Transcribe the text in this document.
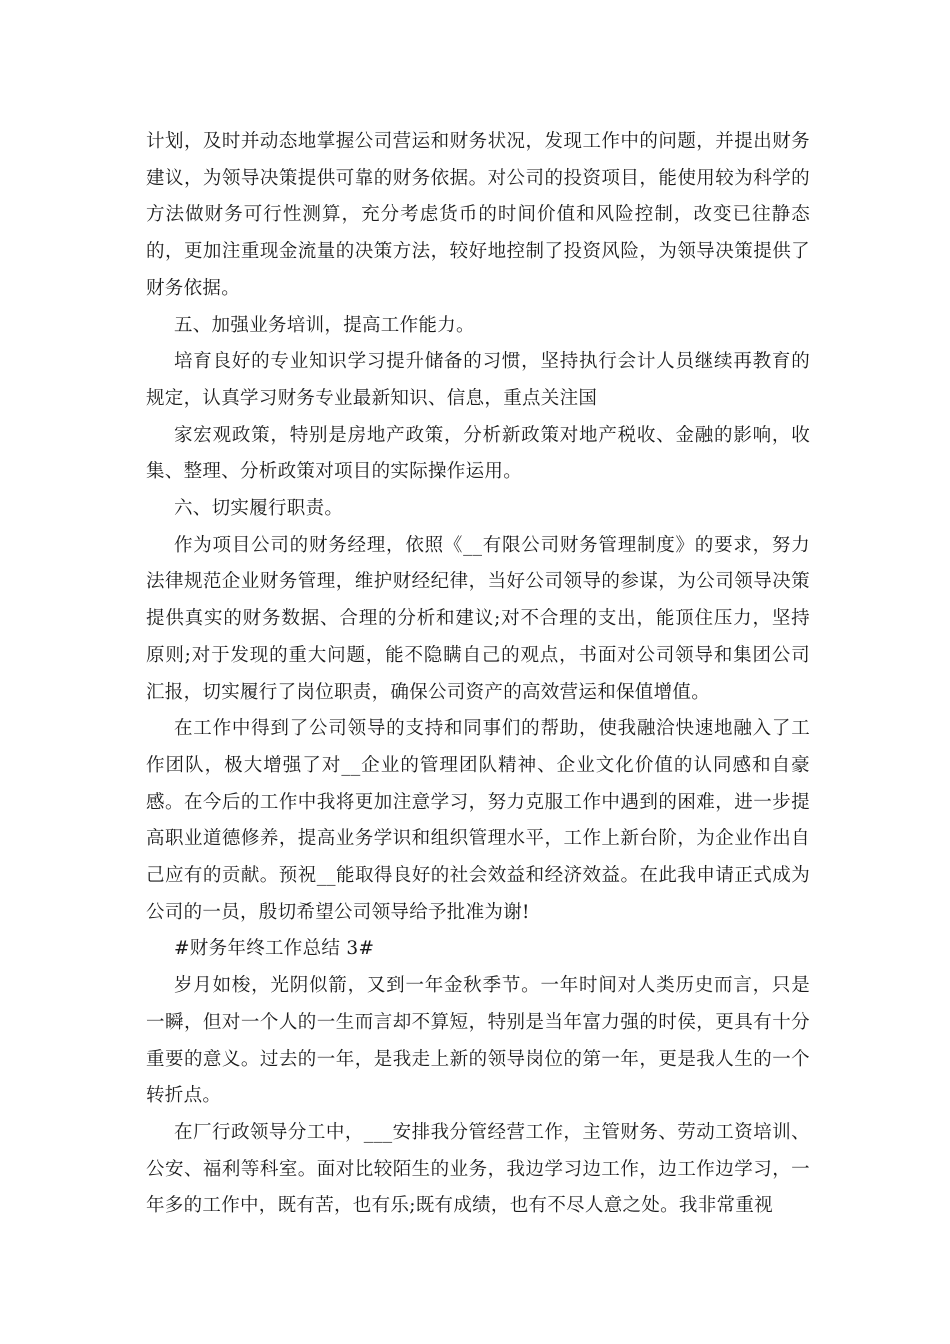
计划，及时并动态地掌握公司营运和财务状况，发现工作中的问题，并提出财务建议，为领导决策提供可靠的财务依据。对公司的投资项目，能使用较为科学的方法做财务可行性测算，充分考虑货币的时间价值和风险控制，改变已往静态的，更加注重现金流量的决策方法，较好地控制了投资风险，为领导决策提供了财务依据。

五、加强业务培训，提高工作能力。

培育良好的专业知识学习提升储备的习惯，坚持执行会计人员继续再教育的规定，认真学习财务专业最新知识、信息，重点关注国

家宏观政策，特别是房地产政策，分析新政策对地产税收、金融的影响，收集、整理、分析政策对项目的实际操作运用。

六、切实履行职责。

作为项目公司的财务经理，依照《__有限公司财务管理制度》的要求，努力法律规范企业财务管理，维护财经纪律，当好公司领导的参谋，为公司领导决策提供真实的财务数据、合理的分析和建议;对不合理的支出，能顶住压力，坚持原则;对于发现的重大问题，能不隐瞒自己的观点，书面对公司领导和集团公司汇报，切实履行了岗位职责，确保公司资产的高效营运和保值增值。

在工作中得到了公司领导的支持和同事们的帮助，使我融洽快速地融入了工作团队，极大增强了对__企业的管理团队精神、企业文化价值的认同感和自豪感。在今后的工作中我将更加注意学习，努力克服工作中遇到的困难，进一步提高职业道德修养，提高业务学识和组织管理水平，工作上新台阶，为企业作出自己应有的贡献。预祝__能取得良好的社会效益和经济效益。在此我申请正式成为公司的一员，殷切希望公司领导给予批准为谢!

#财务年终工作总结 3#

岁月如梭，光阴似箭，又到一年金秋季节。一年时间对人类历史而言，只是一瞬，但对一个人的一生而言却不算短，特别是当年富力强的时侯，更具有十分重要的意义。过去的一年，是我走上新的领导岗位的第一年，更是我人生的一个转折点。

在厂行政领导分工中，___安排我分管经营工作，主管财务、劳动工资培训、公安、福利等科室。面对比较陌生的业务，我边学习边工作，边工作边学习，一年多的工作中，既有苦，也有乐;既有成绩，也有不尽人意之处。我非常重视
